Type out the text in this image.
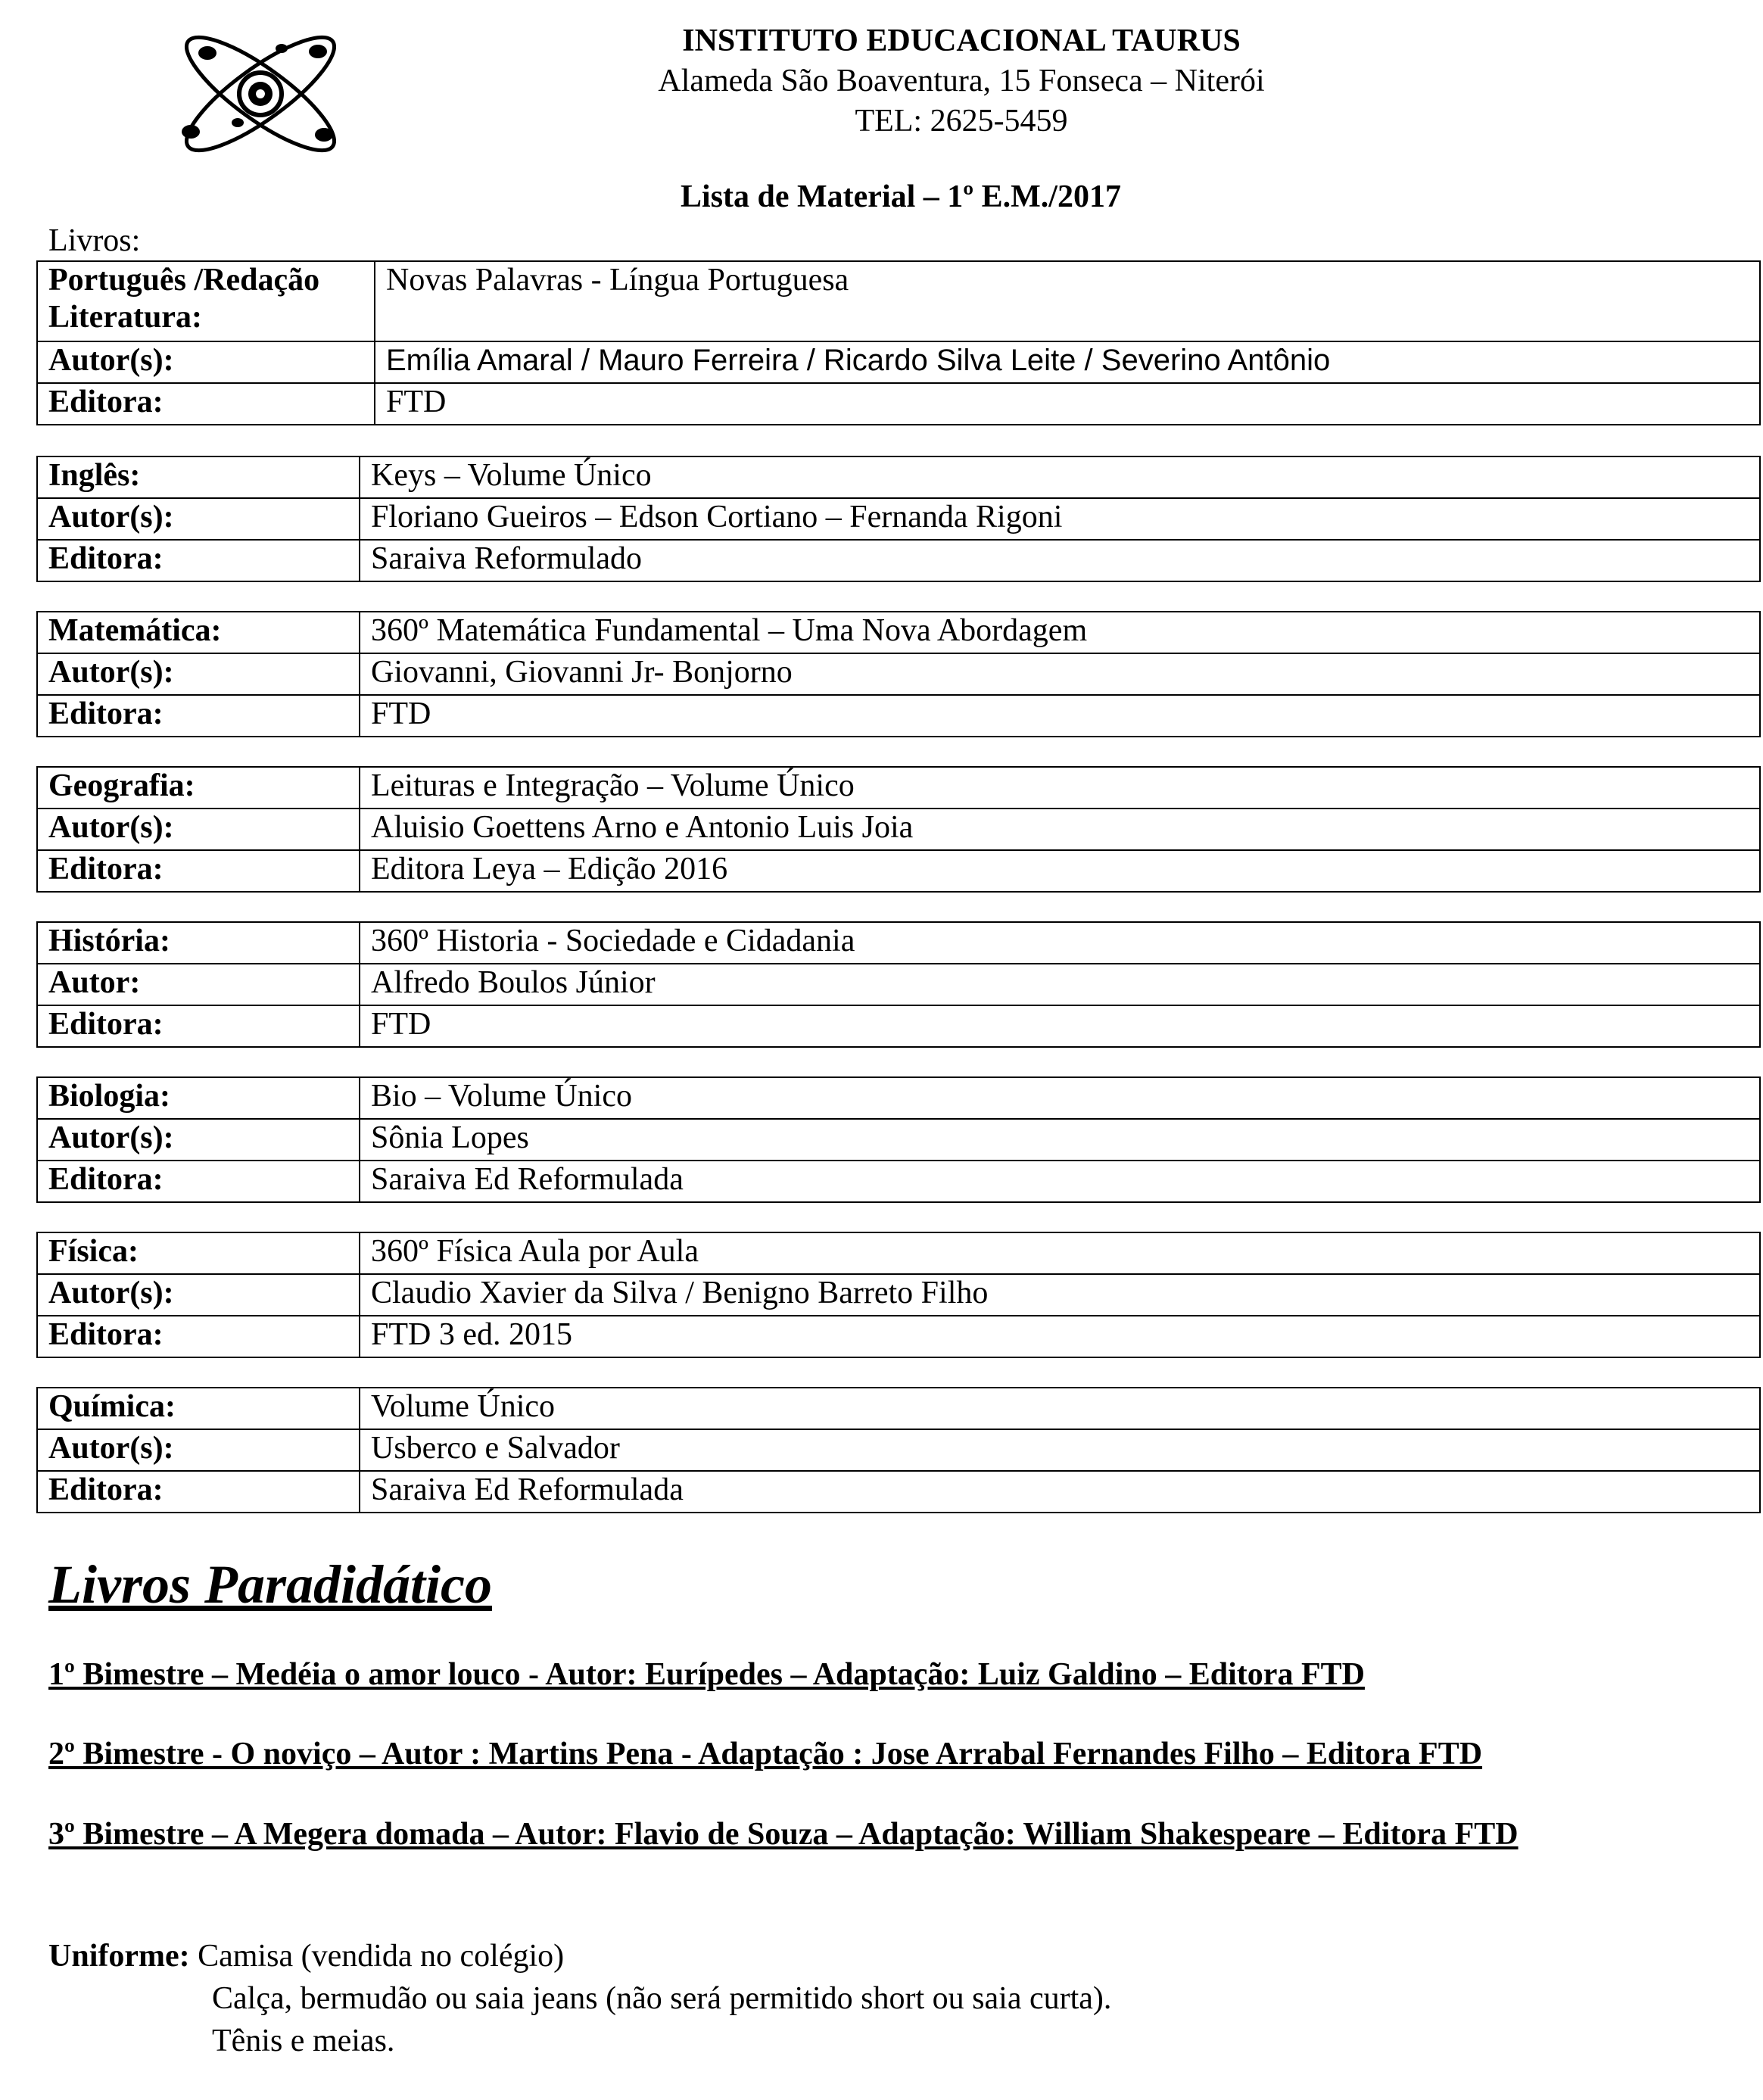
INSTITUTO EDUCACIONAL TAURUS
Alameda São Boaventura, 15 Fonseca – Niterói
TEL: 2625-5459
Lista de Material – 1º E.M./2017
Livros:
Português /Redação Literatura:	Novas Palavras - Língua Portuguesa
Autor(s):	Emília Amaral / Mauro Ferreira / Ricardo Silva Leite / Severino Antônio
Editora:	FTD
Inglês:	Keys – Volume Único
Autor(s):	Floriano Gueiros – Edson Cortiano – Fernanda Rigoni
Editora:	Saraiva Reformulado
Matemática:	360º Matemática Fundamental – Uma Nova Abordagem
Autor(s):	Giovanni, Giovanni Jr- Bonjorno
Editora:	FTD
Geografia:	Leituras e Integração – Volume Único
Autor(s):	Aluisio Goettens Arno e Antonio Luis Joia
Editora:	Editora Leya – Edição 2016
História:	360º Historia - Sociedade e Cidadania
Autor:	Alfredo Boulos Júnior
Editora:	FTD
Biologia:	Bio – Volume Único
Autor(s):	Sônia Lopes
Editora:	Saraiva Ed Reformulada
Física:	360º Física Aula por Aula
Autor(s):	Claudio Xavier da Silva / Benigno Barreto Filho
Editora:	FTD 3 ed. 2015
Química:	Volume Único
Autor(s):	Usberco e Salvador
Editora:	Saraiva Ed Reformulada
Livros Paradidático
1º Bimestre – Medéia o amor louco - Autor: Eurípedes – Adaptação: Luiz Galdino – Editora FTD
2º Bimestre - O noviço – Autor : Martins Pena - Adaptação : Jose Arrabal Fernandes Filho – Editora FTD
3º Bimestre – A Megera domada – Autor: Flavio de Souza – Adaptação: William Shakespeare – Editora FTD
Uniforme: Camisa (vendida no colégio)
Calça, bermudão ou saia jeans (não será permitido short ou saia curta).
Tênis e meias.
